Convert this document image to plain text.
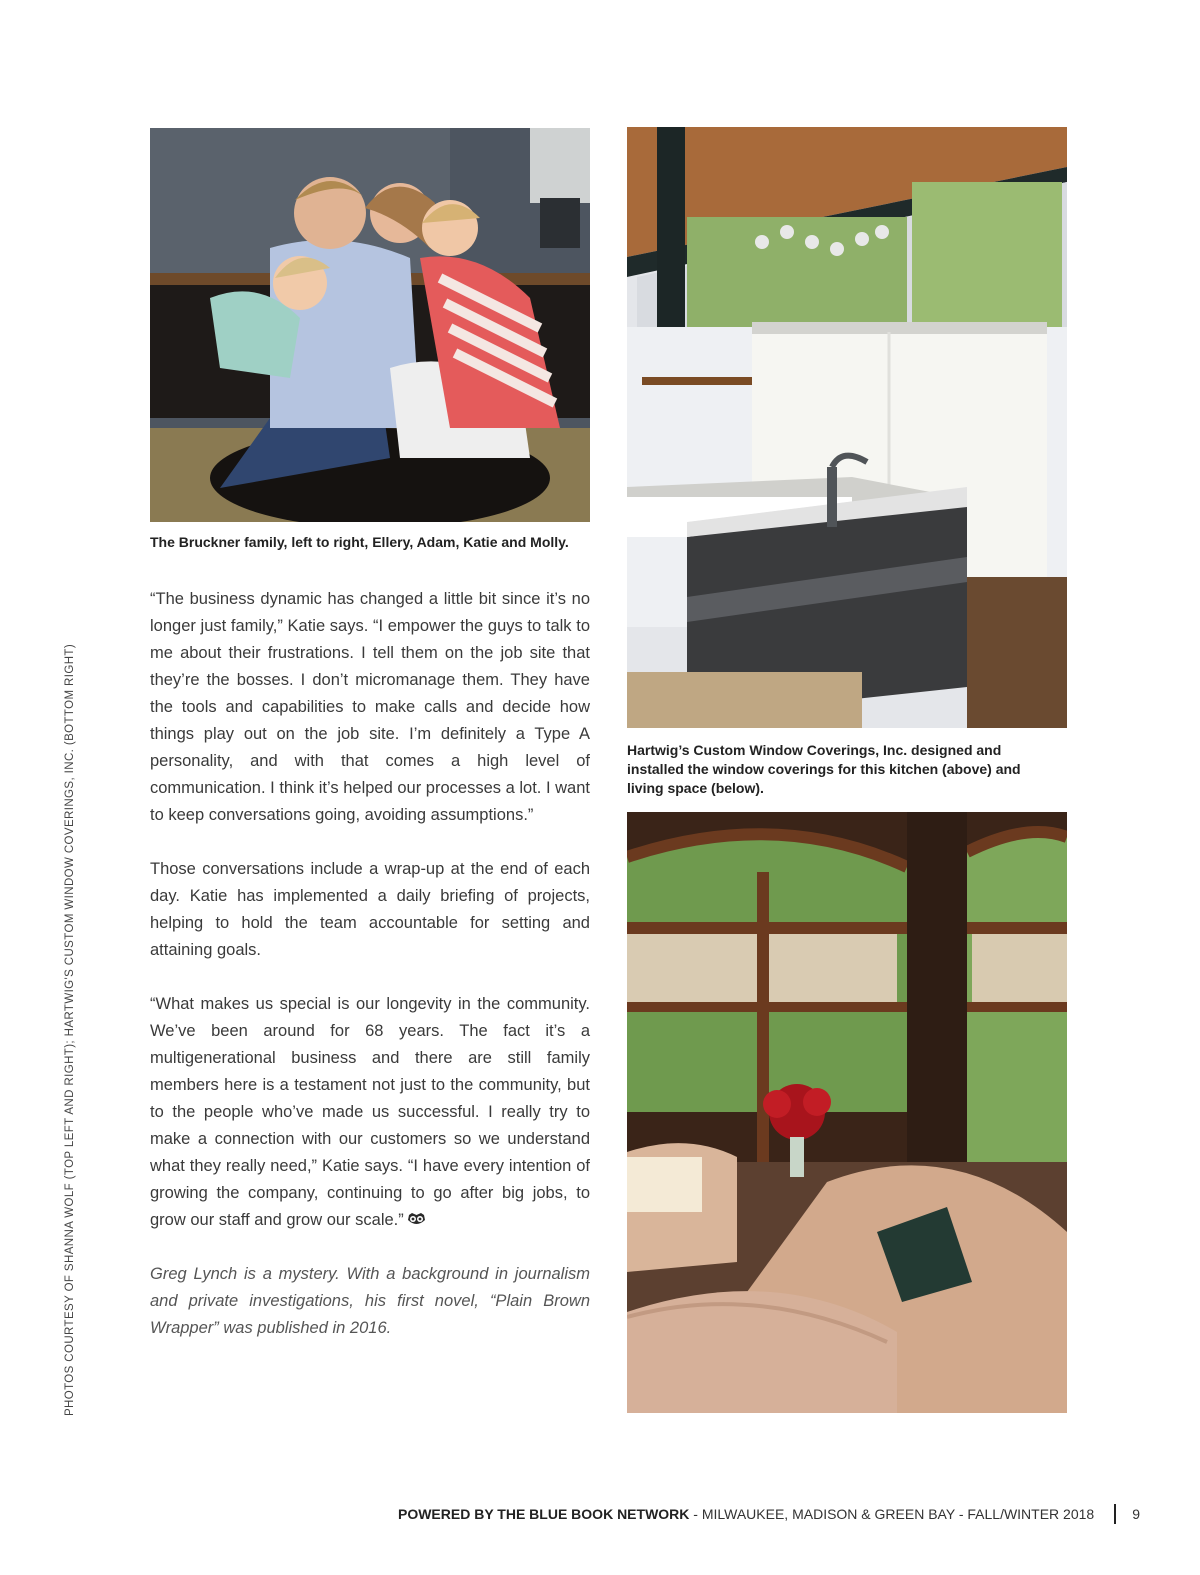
PHOTOS COURTESY OF SHANNA WOLF (TOP LEFT AND RIGHT); HARTWIG'S CUSTOM WINDOW COVERINGS, INC. (BOTTOM RIGHT)
The Bruckner family, left to right, Ellery, Adam, Katie and Molly.
Hartwig’s Custom Window Coverings, Inc. designed and installed the window coverings for this kitchen (above) and living space (below).

“The business dynamic has changed a little bit since it’s no longer just family,” Katie says. “I empower the guys to talk to me about their frustrations. I tell them on the job site that they’re the bosses. I don’t micromanage them. They have the tools and capabilities to make calls and decide how things play out on the job site. I’m definitely a Type A personality, and with that comes a high level of communication. I think it’s helped our processes a lot. I want to keep conversations going, avoiding assumptions.”

Those conversations include a wrap-up at the end of each day. Katie has implemented a daily briefing of projects, helping to hold the team accountable for setting and attaining goals.

“What makes us special is our longevity in the community. We’ve been around for 68 years. The fact it’s a multigenerational business and there are still family members here is a testament not just to the community, but to the people who’ve made us successful. I really try to make a connection with our customers so we understand what they really need,” Katie says. “I have every intention of growing the company, continuing to go after big jobs, to grow our staff and grow our scale.”

Greg Lynch is a mystery. With a background in journalism and private investigations, his first novel, “Plain Brown Wrapper” was published in 2016.

POWERED BY THE BLUE BOOK NETWORK - MILWAUKEE, MADISON & GREEN BAY - FALL/WINTER 2018	9
